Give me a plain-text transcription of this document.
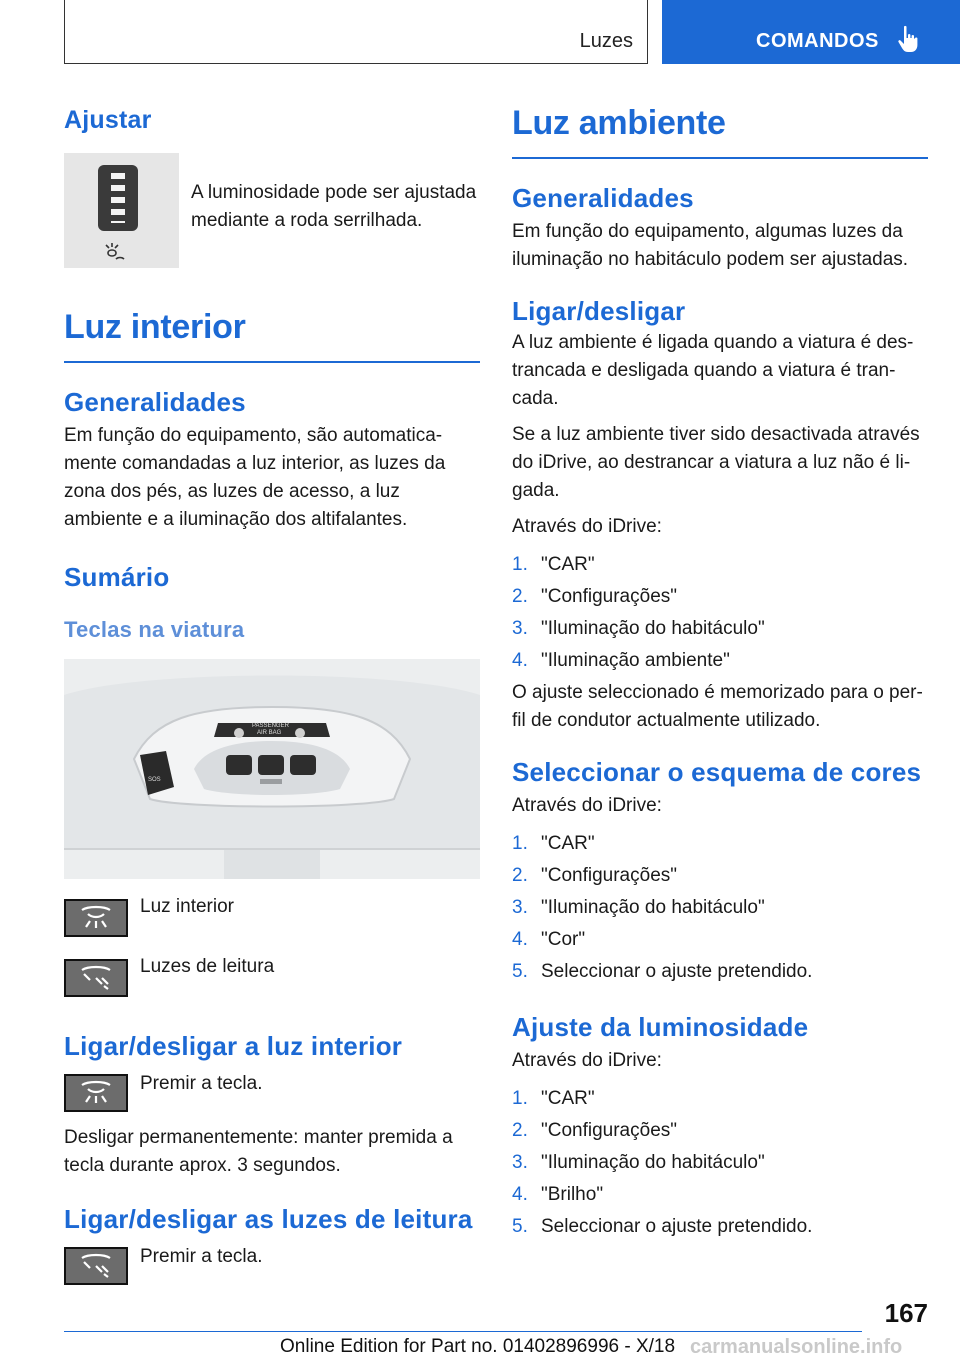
Luzes	COMANDOS
Ajustar

A luminosidade pode ser ajustada mediante a roda serrilhada.

Luz interior
Generalidades

Em função do equipamento, são automatica-mente comandadas a luz interior, as luzes da zona dos pés, as luzes de acesso, a luz ambiente e a iluminação dos altifalantes.

Sumário
Teclas na viatura
PASSENGER
AIR BAG
SOS

Luz interior

Luzes de leitura

Ligar/desligar a luz interior

Premir a tecla.

Desligar permanentemente: manter premida a tecla durante aprox. 3 segundos.

Ligar/desligar as luzes de leitura

Premir a tecla.

Luz ambiente
Generalidades

Em função do equipamento, algumas luzes da iluminação no habitáculo podem ser ajustadas.

Ligar/desligar

A luz ambiente é ligada quando a viatura é des-trancada e desligada quando a viatura é tran-cada.

Se a luz ambiente tiver sido desactivada através do iDrive, ao destrancar a viatura a luz não é li-gada.

Através do iDrive:

1. "CAR"
2. "Configurações"
3. "Iluminação do habitáculo"
4. "Iluminação ambiente"

O ajuste seleccionado é memorizado para o per-fil de condutor actualmente utilizado.

Seleccionar o esquema de cores

Através do iDrive:

1. "CAR"
2. "Configurações"
3. "Iluminação do habitáculo"
4. "Cor"
5. Seleccionar o ajuste pretendido.
Ajuste da luminosidade

Através do iDrive:

1. "CAR"
2. "Configurações"
3. "Iluminação do habitáculo"
4. "Brilho"
5. Seleccionar o ajuste pretendido.
167
Online Edition for Part no. 01402896996 - X/18 carmanualsonline.info
